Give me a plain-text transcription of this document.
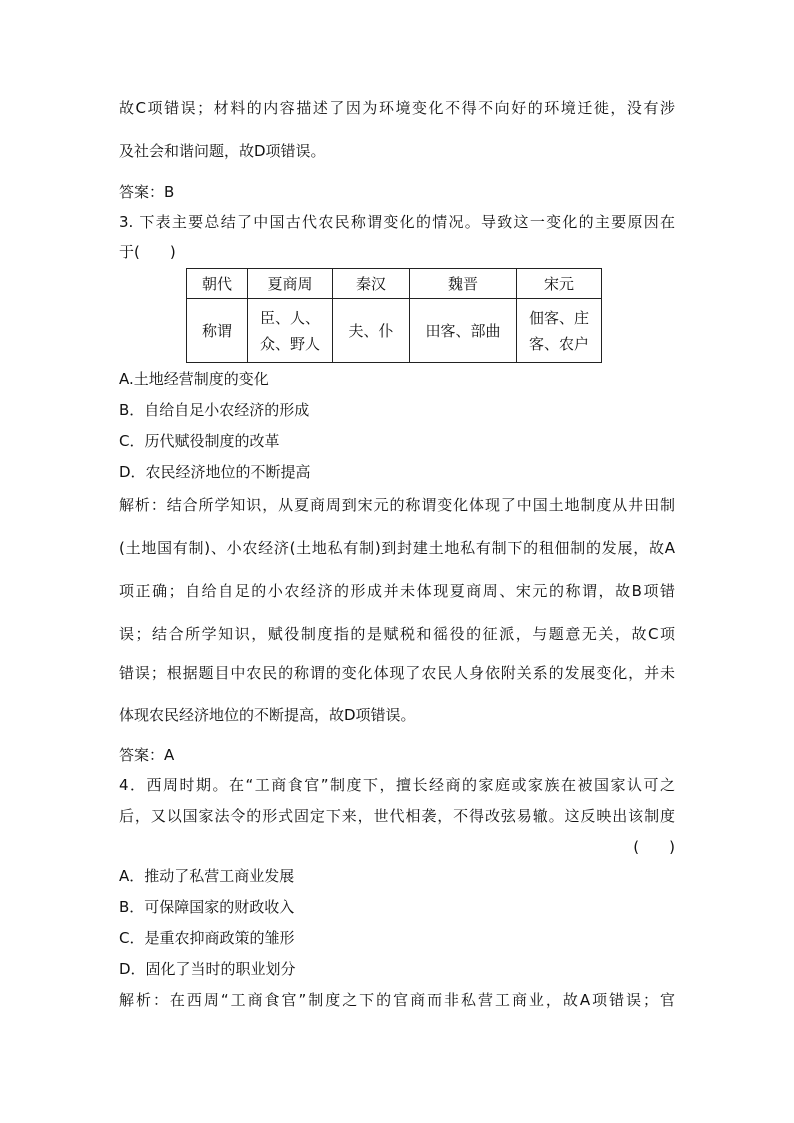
故C项错误；材料的内容描述了因为环境变化不得不向好的环境迁徙，没有涉
及社会和谐问题，故D项错误。
答案：B
3. 下表主要总结了中国古代农民称谓变化的情况。导致这一变化的主要原因在
于(　　)
朝代	夏商周	秦汉	魏晋	宋元
称谓	臣、人、众、野人	夫、仆	田客、部曲	佃客、庄客、农户
A.土地经营制度的变化
B．自给自足小农经济的形成
C．历代赋役制度的改革
D．农民经济地位的不断提高
解析：结合所学知识，从夏商周到宋元的称谓变化体现了中国土地制度从井田制
(土地国有制)、小农经济(土地私有制)到封建土地私有制下的租佃制的发展，故A
项正确；自给自足的小农经济的形成并未体现夏商周、宋元的称谓，故B项错
误；结合所学知识，赋役制度指的是赋税和徭役的征派，与题意无关，故C项
错误；根据题目中农民的称谓的变化体现了农民人身依附关系的发展变化，并未
体现农民经济地位的不断提高，故D项错误。
答案：A
4．西周时期。在“工商食官”制度下，擅长经商的家庭或家族在被国家认可之
后，又以国家法令的形式固定下来，世代相袭，不得改弦易辙。这反映出该制度
(　　)
A．推动了私营工商业发展
B．可保障国家的财政收入
C．是重农抑商政策的雏形
D．固化了当时的职业划分
解析：在西周“工商食官”制度之下的官商而非私营工商业，故A项错误；官
